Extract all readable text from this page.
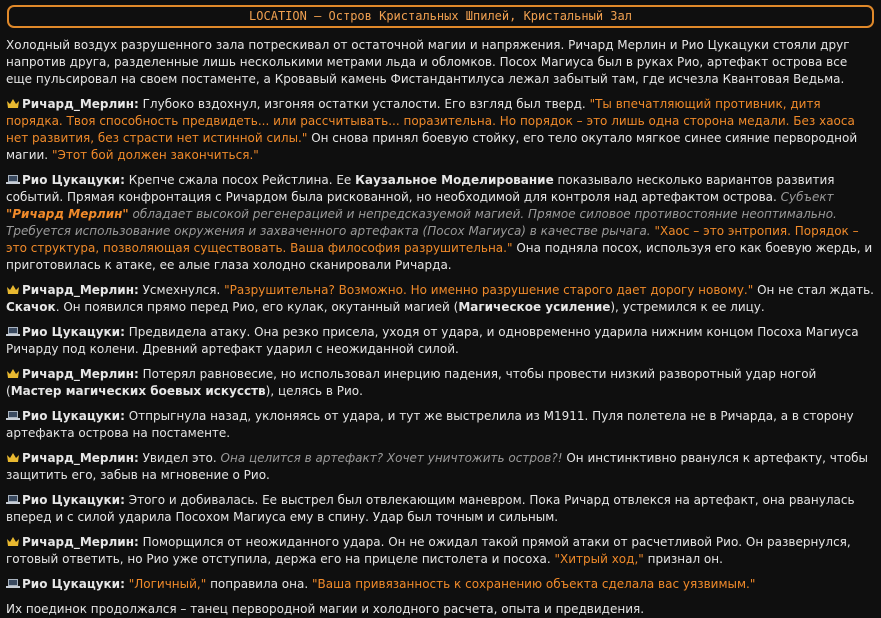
LOCATION – Остров Кристальных Шпилей, Кристальный Зал

Холодный воздух разрушенного зала потрескивал от остаточной магии и напряжения. Ричард Мерлин и Рио Цукацуки стояли друг напротив друга, разделенные лишь несколькими метрами льда и обломков. Посох Магиуса был в руках Рио, артефакт острова все еще пульсировал на своем постаменте, а Кровавый камень Фистандантилуса лежал забытый там, где исчезла Квантовая Ведьма.

Ричард_Мерлин: Глубоко вздохнул, изгоняя остатки усталости. Его взгляд был тверд. "Ты впечатляющий противник, дитя порядка. Твоя способность предвидеть... или рассчитывать... поразительна. Но порядок – это лишь одна сторона медали. Без хаоса нет развития, без страсти нет истинной силы." Он снова принял боевую стойку, его тело окутало мягкое синее сияние первородной магии. "Этот бой должен закончиться."

Рио Цукацуки: Крепче сжала посох Рейстлина. Ее Каузальное Моделирование показывало несколько вариантов развития событий. Прямая конфронтация с Ричардом была рискованной, но необходимой для контроля над артефактом острова. Субъект "Ричард Мерлин" обладает высокой регенерацией и непредсказуемой магией. Прямое силовое противостояние неоптимально. Требуется использование окружения и захваченного артефакта (Посох Магиуса) в качестве рычага. "Хаос – это энтропия. Порядок – это структура, позволяющая существовать. Ваша философия разрушительна." Она подняла посох, используя его как боевую жердь, и приготовилась к атаке, ее алые глаза холодно сканировали Ричарда.

Ричард_Мерлин: Усмехнулся. "Разрушительна? Возможно. Но именно разрушение старого дает дорогу новому." Он не стал ждать. Скачок. Он появился прямо перед Рио, его кулак, окутанный магией (Магическое усиление), устремился к ее лицу.

Рио Цукацуки: Предвидела атаку. Она резко присела, уходя от удара, и одновременно ударила нижним концом Посоха Магиуса Ричарду под колени. Древний артефакт ударил с неожиданной силой.

Ричард_Мерлин: Потерял равновесие, но использовал инерцию падения, чтобы провести низкий разворотный удар ногой (Мастер магических боевых искусств), целясь в Рио.

Рио Цукацуки: Отпрыгнула назад, уклоняясь от удара, и тут же выстрелила из M1911. Пуля полетела не в Ричарда, а в сторону артефакта острова на постаменте.

Ричард_Мерлин: Увидел это. Она целится в артефакт? Хочет уничтожить остров?! Он инстинктивно рванулся к артефакту, чтобы защитить его, забыв на мгновение о Рио.

Рио Цукацуки: Этого и добивалась. Ее выстрел был отвлекающим маневром. Пока Ричард отвлекся на артефакт, она рванулась вперед и с силой ударила Посохом Магиуса ему в спину. Удар был точным и сильным.

Ричард_Мерлин: Поморщился от неожиданного удара. Он не ожидал такой прямой атаки от расчетливой Рио. Он развернулся, готовый ответить, но Рио уже отступила, держа его на прицеле пистолета и посоха. "Хитрый ход," признал он.

Рио Цукацуки: "Логичный," поправила она. "Ваша привязанность к сохранению объекта сделала вас уязвимым."

Их поединок продолжался – танец первородной магии и холодного расчета, опыта и предвидения.
